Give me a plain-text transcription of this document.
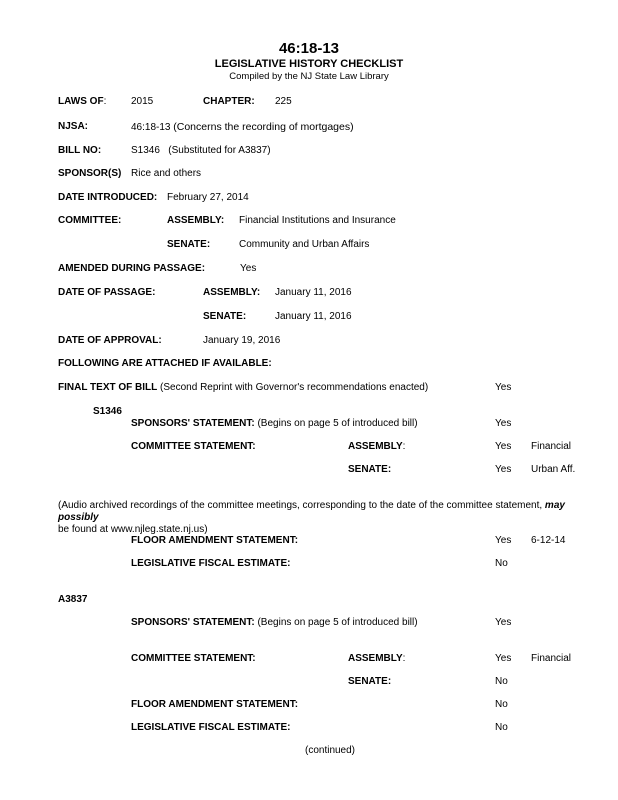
46:18-13
LEGISLATIVE HISTORY CHECKLIST
Compiled by the NJ State Law Library
LAWS OF: 2015	CHAPTER: 225
NJSA:	46:18-13 (Concerns the recording of mortgages)
BILL NO:	S1346 (Substituted for A3837)
SPONSOR(S) Rice and others
DATE INTRODUCED: February 27, 2014
COMMITTEE:	ASSEMBLY: Financial Institutions and Insurance
SENATE:	Community and Urban Affairs
AMENDED DURING PASSAGE:	Yes
DATE OF PASSAGE:	ASSEMBLY: January 11, 2016
SENATE:	January 11, 2016
DATE OF APPROVAL:	January 19, 2016
FOLLOWING ARE ATTACHED IF AVAILABLE:
FINAL TEXT OF BILL (Second Reprint with Governor's recommendations enacted)	Yes
S1346
SPONSORS' STATEMENT: (Begins on page 5 of introduced bill)	Yes
COMMITTEE STATEMENT:	ASSEMBLY:	Yes Financial
SENATE:	Yes Urban Aff.
(Audio archived recordings of the committee meetings, corresponding to the date of the committee statement, may possibly
be found at www.njleg.state.nj.us)
FLOOR AMENDMENT STATEMENT:	Yes 6-12-14
LEGISLATIVE FISCAL ESTIMATE:	No
A3837
SPONSORS' STATEMENT: (Begins on page 5 of introduced bill)	Yes
COMMITTEE STATEMENT:	ASSEMBLY:	Yes Financial
SENATE:	No
FLOOR AMENDMENT STATEMENT:	No
LEGISLATIVE FISCAL ESTIMATE:	No
(continued)
